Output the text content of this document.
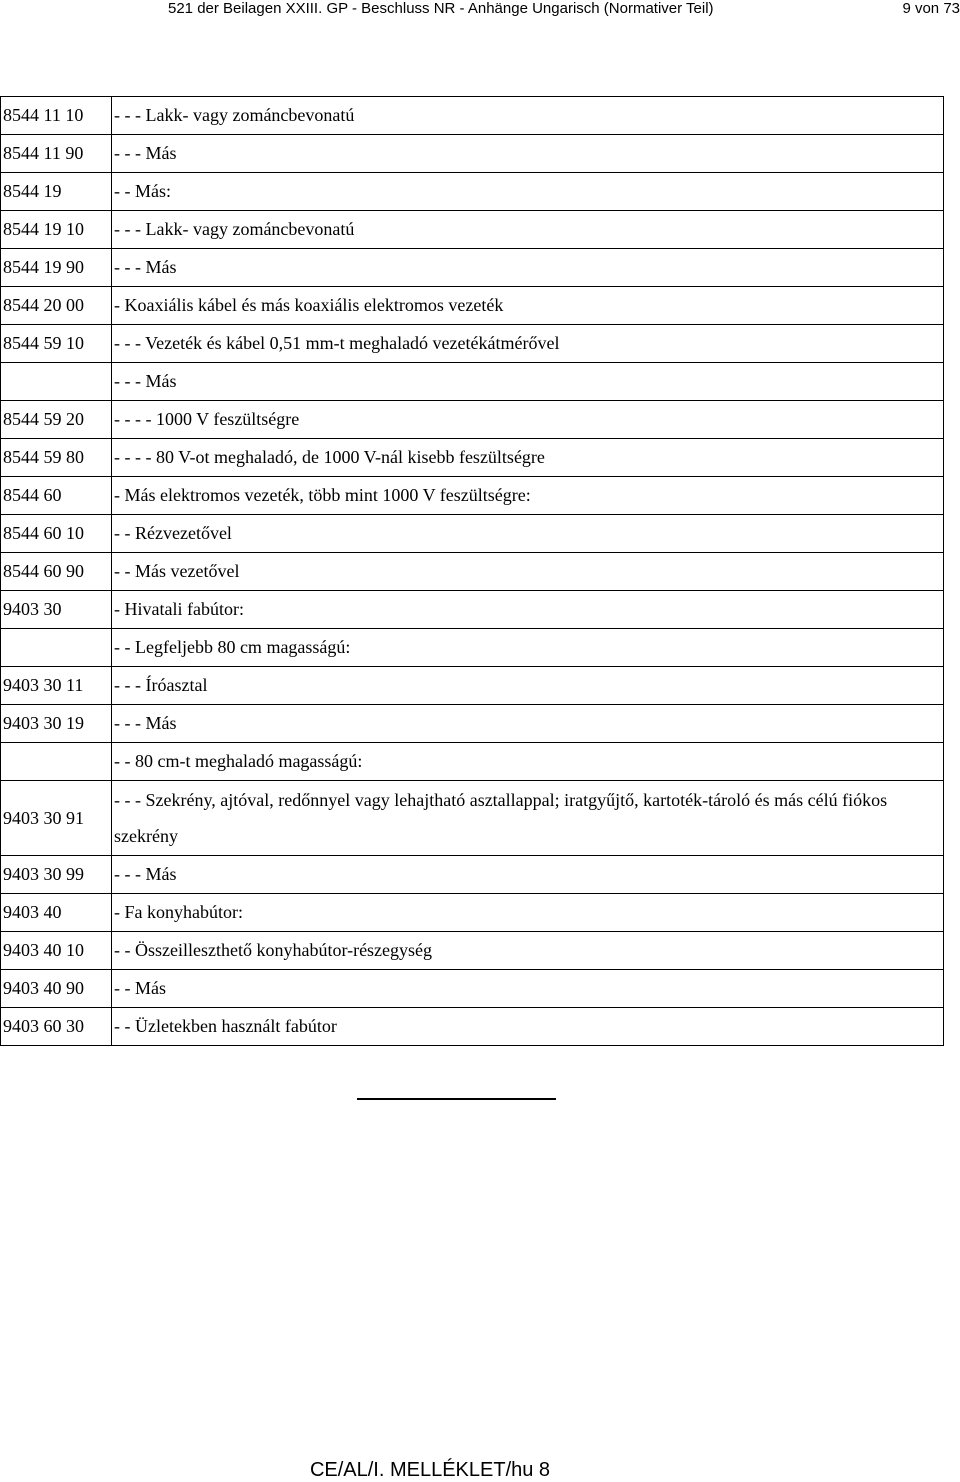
521 der Beilagen XXIII. GP - Beschluss NR - Anhänge Ungarisch (Normativer Teil)	9 von 73
8544 11 10	- - - Lakk- vagy zománcbevonatú
8544 11 90	- - - Más
8544 19	- - Más:
8544 19 10	- - - Lakk- vagy zománcbevonatú
8544 19 90	- - - Más
8544 20 00	- Koaxiális kábel és más koaxiális elektromos vezeték
8544 59 10	- - - Vezeték és kábel 0,51 mm-t meghaladó vezetékátmérővel
	- - - Más
8544 59 20	- - - - 1000 V feszültségre
8544 59 80	- - - - 80 V-ot meghaladó, de 1000 V-nál kisebb feszültségre
8544 60	- Más elektromos vezeték, több mint 1000 V feszültségre:
8544 60 10	- - Rézvezetővel
8544 60 90	- - Más vezetővel
9403 30	- Hivatali fabútor:
	- - Legfeljebb 80 cm magasságú:
9403 30 11	- - - Íróasztal
9403 30 19	- - - Más
	- - 80 cm-t meghaladó magasságú:
9403 30 91	- - - Szekrény, ajtóval, redőnnyel vagy lehajtható asztallappal; iratgyűjtő, kartoték-tároló és más célú fiókos szekrény
9403 30 99	- - - Más
9403 40	- Fa konyhabútor:
9403 40 10	- - Összeilleszthető konyhabútor-részegység
9403 40 90	- - Más
9403 60 30	- - Üzletekben használt fabútor
CE/AL/I. MELLÉKLET/hu 8
